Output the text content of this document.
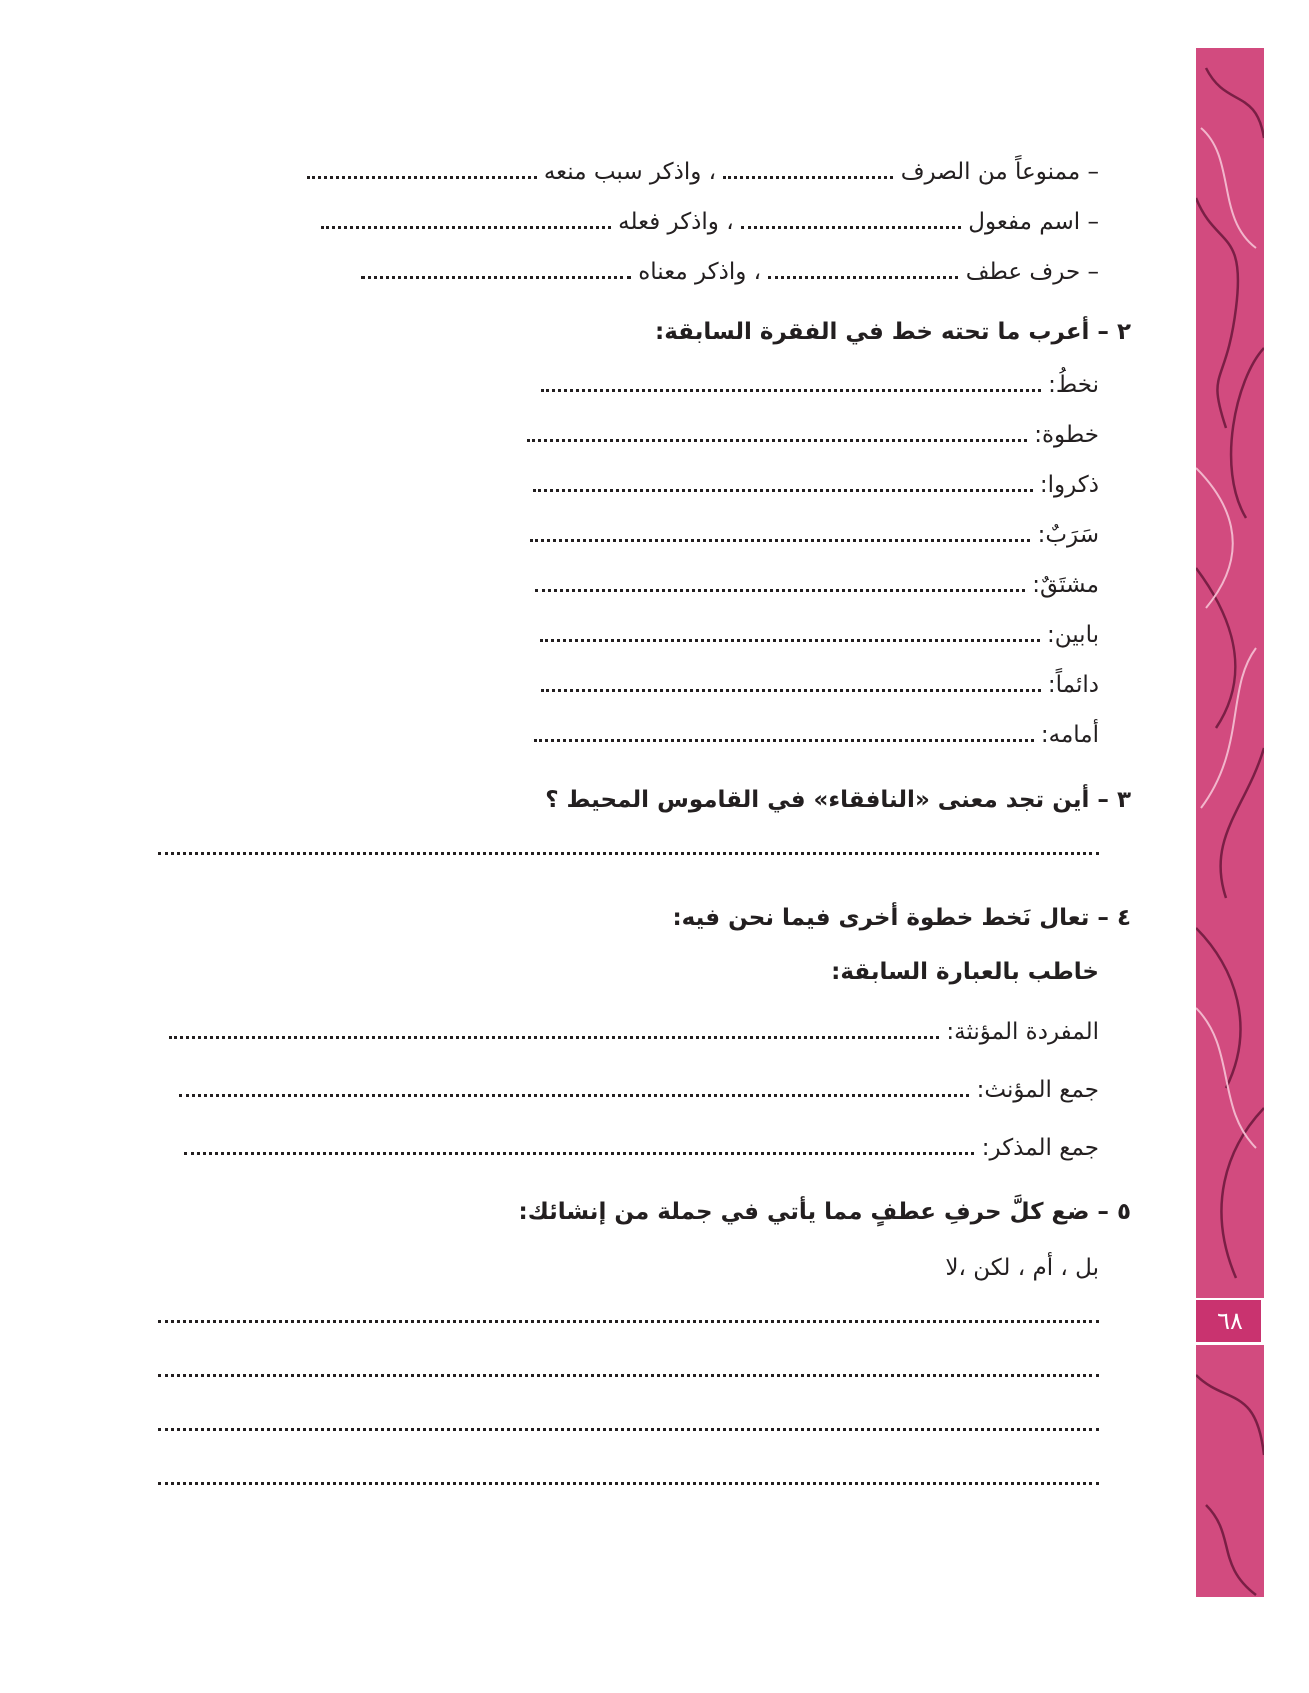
٦٨
– ممنوعاً من الصرف  ، واذكر سبب منعه
– اسم مفعول  ، واذكر فعله
– حرف عطف  ، واذكر معناه
٢ – أعرب ما تحته خط في الفقرة السابقة:
نخطُ:
خطوة:
ذكروا:
سَرَبٌ:
مشتَقٌ:
بابين:
دائماً:
أمامه:
٣ – أين تجد معنى «النافقاء» في القاموس المحيط ؟
٤ – تعال نَخط خطوة أخرى فيما نحن فيه:
خاطب بالعبارة السابقة:
المفردة المؤنثة:
جمع المؤنث:
جمع المذكر:
٥ – ضع كلَّ حرفِ عطفٍ مما يأتي في جملة من إنشائك:
بل ، أم ، لكن ،لا
